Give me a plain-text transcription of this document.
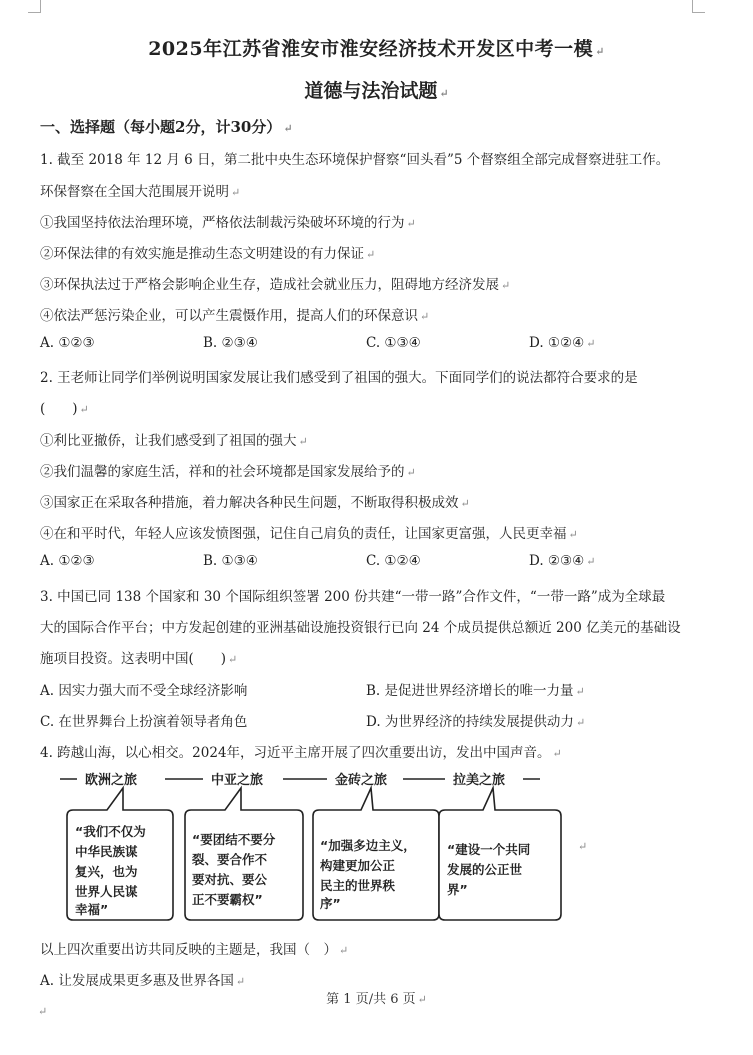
2025年江苏省淮安市淮安经济技术开发区中考一模 ↵
道德与法治试题 ↵
一、选择题（每小题2分，计30分） ↵
1. 截至 2018 年 12 月 6 日，第二批中央生态环境保护督察“回头看”5 个督察组全部完成督察进驻工作。
环保督察在全国大范围展开说明 ↵
①我国坚持依法治理环境，严格依法制裁污染破坏环境的行为 ↵
②环保法律的有效实施是推动生态文明建设的有力保证 ↵
③环保执法过于严格会影响企业生存，造成社会就业压力，阻碍地方经济发展 ↵
④依法严惩污染企业，可以产生震慑作用，提高人们的环保意识 ↵
A. ①②③	B. ②③④	C. ①③④	D. ①②④ ↵
2. 王老师让同学们举例说明国家发展让我们感受到了祖国的强大。下面同学们的说法都符合要求的是
(　　) ↵
①利比亚撤侨，让我们感受到了祖国的强大 ↵
②我们温馨的家庭生活，祥和的社会环境都是国家发展给予的 ↵
③国家正在采取各种措施，着力解决各种民生问题，不断取得积极成效 ↵
④在和平时代，年轻人应该发愤图强，记住自己肩负的责任，让国家更富强，人民更幸福 ↵
A. ①②③	B. ①③④	C. ①②④	D. ②③④ ↵
3. 中国已同 138 个国家和 30 个国际组织签署 200 份共建“一带一路”合作文件，“一带一路”成为全球最
大的国际合作平台；中方发起创建的亚洲基础设施投资银行已向 24 个成员提供总额近 200 亿美元的基础设
施项目投资。这表明中国(　　) ↵
A. 因实力强大而不受全球经济影响	B. 是促进世界经济增长的唯一力量 ↵
C. 在世界舞台上扮演着领导者角色	D. 为世界经济的持续发展提供动力 ↵
4. 跨越山海，以心相交。2024年，习近平主席开展了四次重要出访，发出中国声音。 ↵
欧洲之旅	中亚之旅	金砖之旅	拉美之旅
“我们不仅为
中华民族谋
复兴，也为
世界人民谋
幸福”
“要团结不要分
裂、要合作不
要对抗、要公
正不要霸权”
“加强多边主义，
构建更加公正
民主的世界秩
序”
“建设一个共同
发展的公正世
界”
↵
以上四次重要出访共同反映的主题是，我国（　） ↵
A. 让发展成果更多惠及世界各国 ↵
第 1 页/共 6 页 ↵
↵
